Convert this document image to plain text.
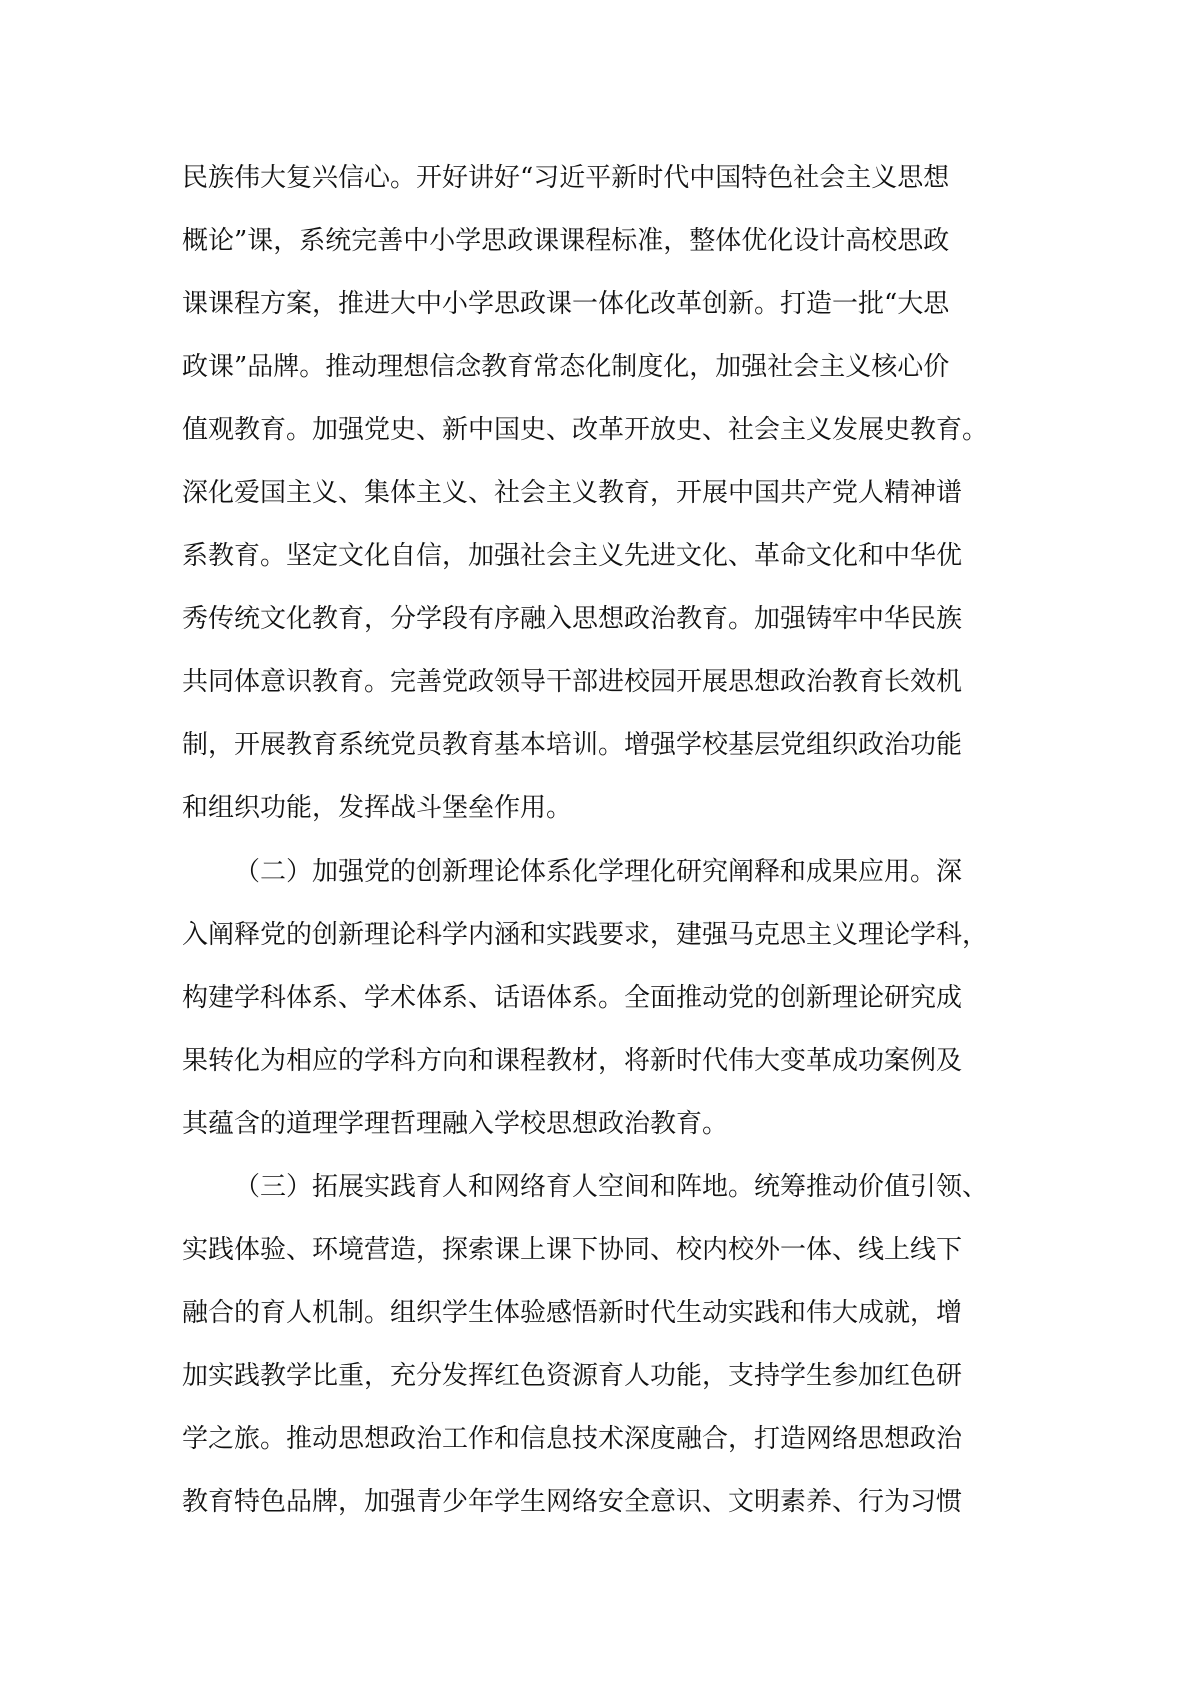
民族伟大复兴信心。开好讲好“习近平新时代中国特色社会主义思想
概论”课，系统完善中小学思政课课程标准，整体优化设计高校思政
课课程方案，推进大中小学思政课一体化改革创新。打造一批“大思
政课”品牌。推动理想信念教育常态化制度化，加强社会主义核心价
值观教育。加强党史、新中国史、改革开放史、社会主义发展史教育。
深化爱国主义、集体主义、社会主义教育，开展中国共产党人精神谱
系教育。坚定文化自信，加强社会主义先进文化、革命文化和中华优
秀传统文化教育，分学段有序融入思想政治教育。加强铸牢中华民族
共同体意识教育。完善党政领导干部进校园开展思想政治教育长效机
制，开展教育系统党员教育基本培训。增强学校基层党组织政治功能
和组织功能，发挥战斗堡垒作用。
（二）加强党的创新理论体系化学理化研究阐释和成果应用。深
入阐释党的创新理论科学内涵和实践要求，建强马克思主义理论学科，
构建学科体系、学术体系、话语体系。全面推动党的创新理论研究成
果转化为相应的学科方向和课程教材，将新时代伟大变革成功案例及
其蕴含的道理学理哲理融入学校思想政治教育。
（三）拓展实践育人和网络育人空间和阵地。统筹推动价值引领、
实践体验、环境营造，探索课上课下协同、校内校外一体、线上线下
融合的育人机制。组织学生体验感悟新时代生动实践和伟大成就，增
加实践教学比重，充分发挥红色资源育人功能，支持学生参加红色研
学之旅。推动思想政治工作和信息技术深度融合，打造网络思想政治
教育特色品牌，加强青少年学生网络安全意识、文明素养、行为习惯
